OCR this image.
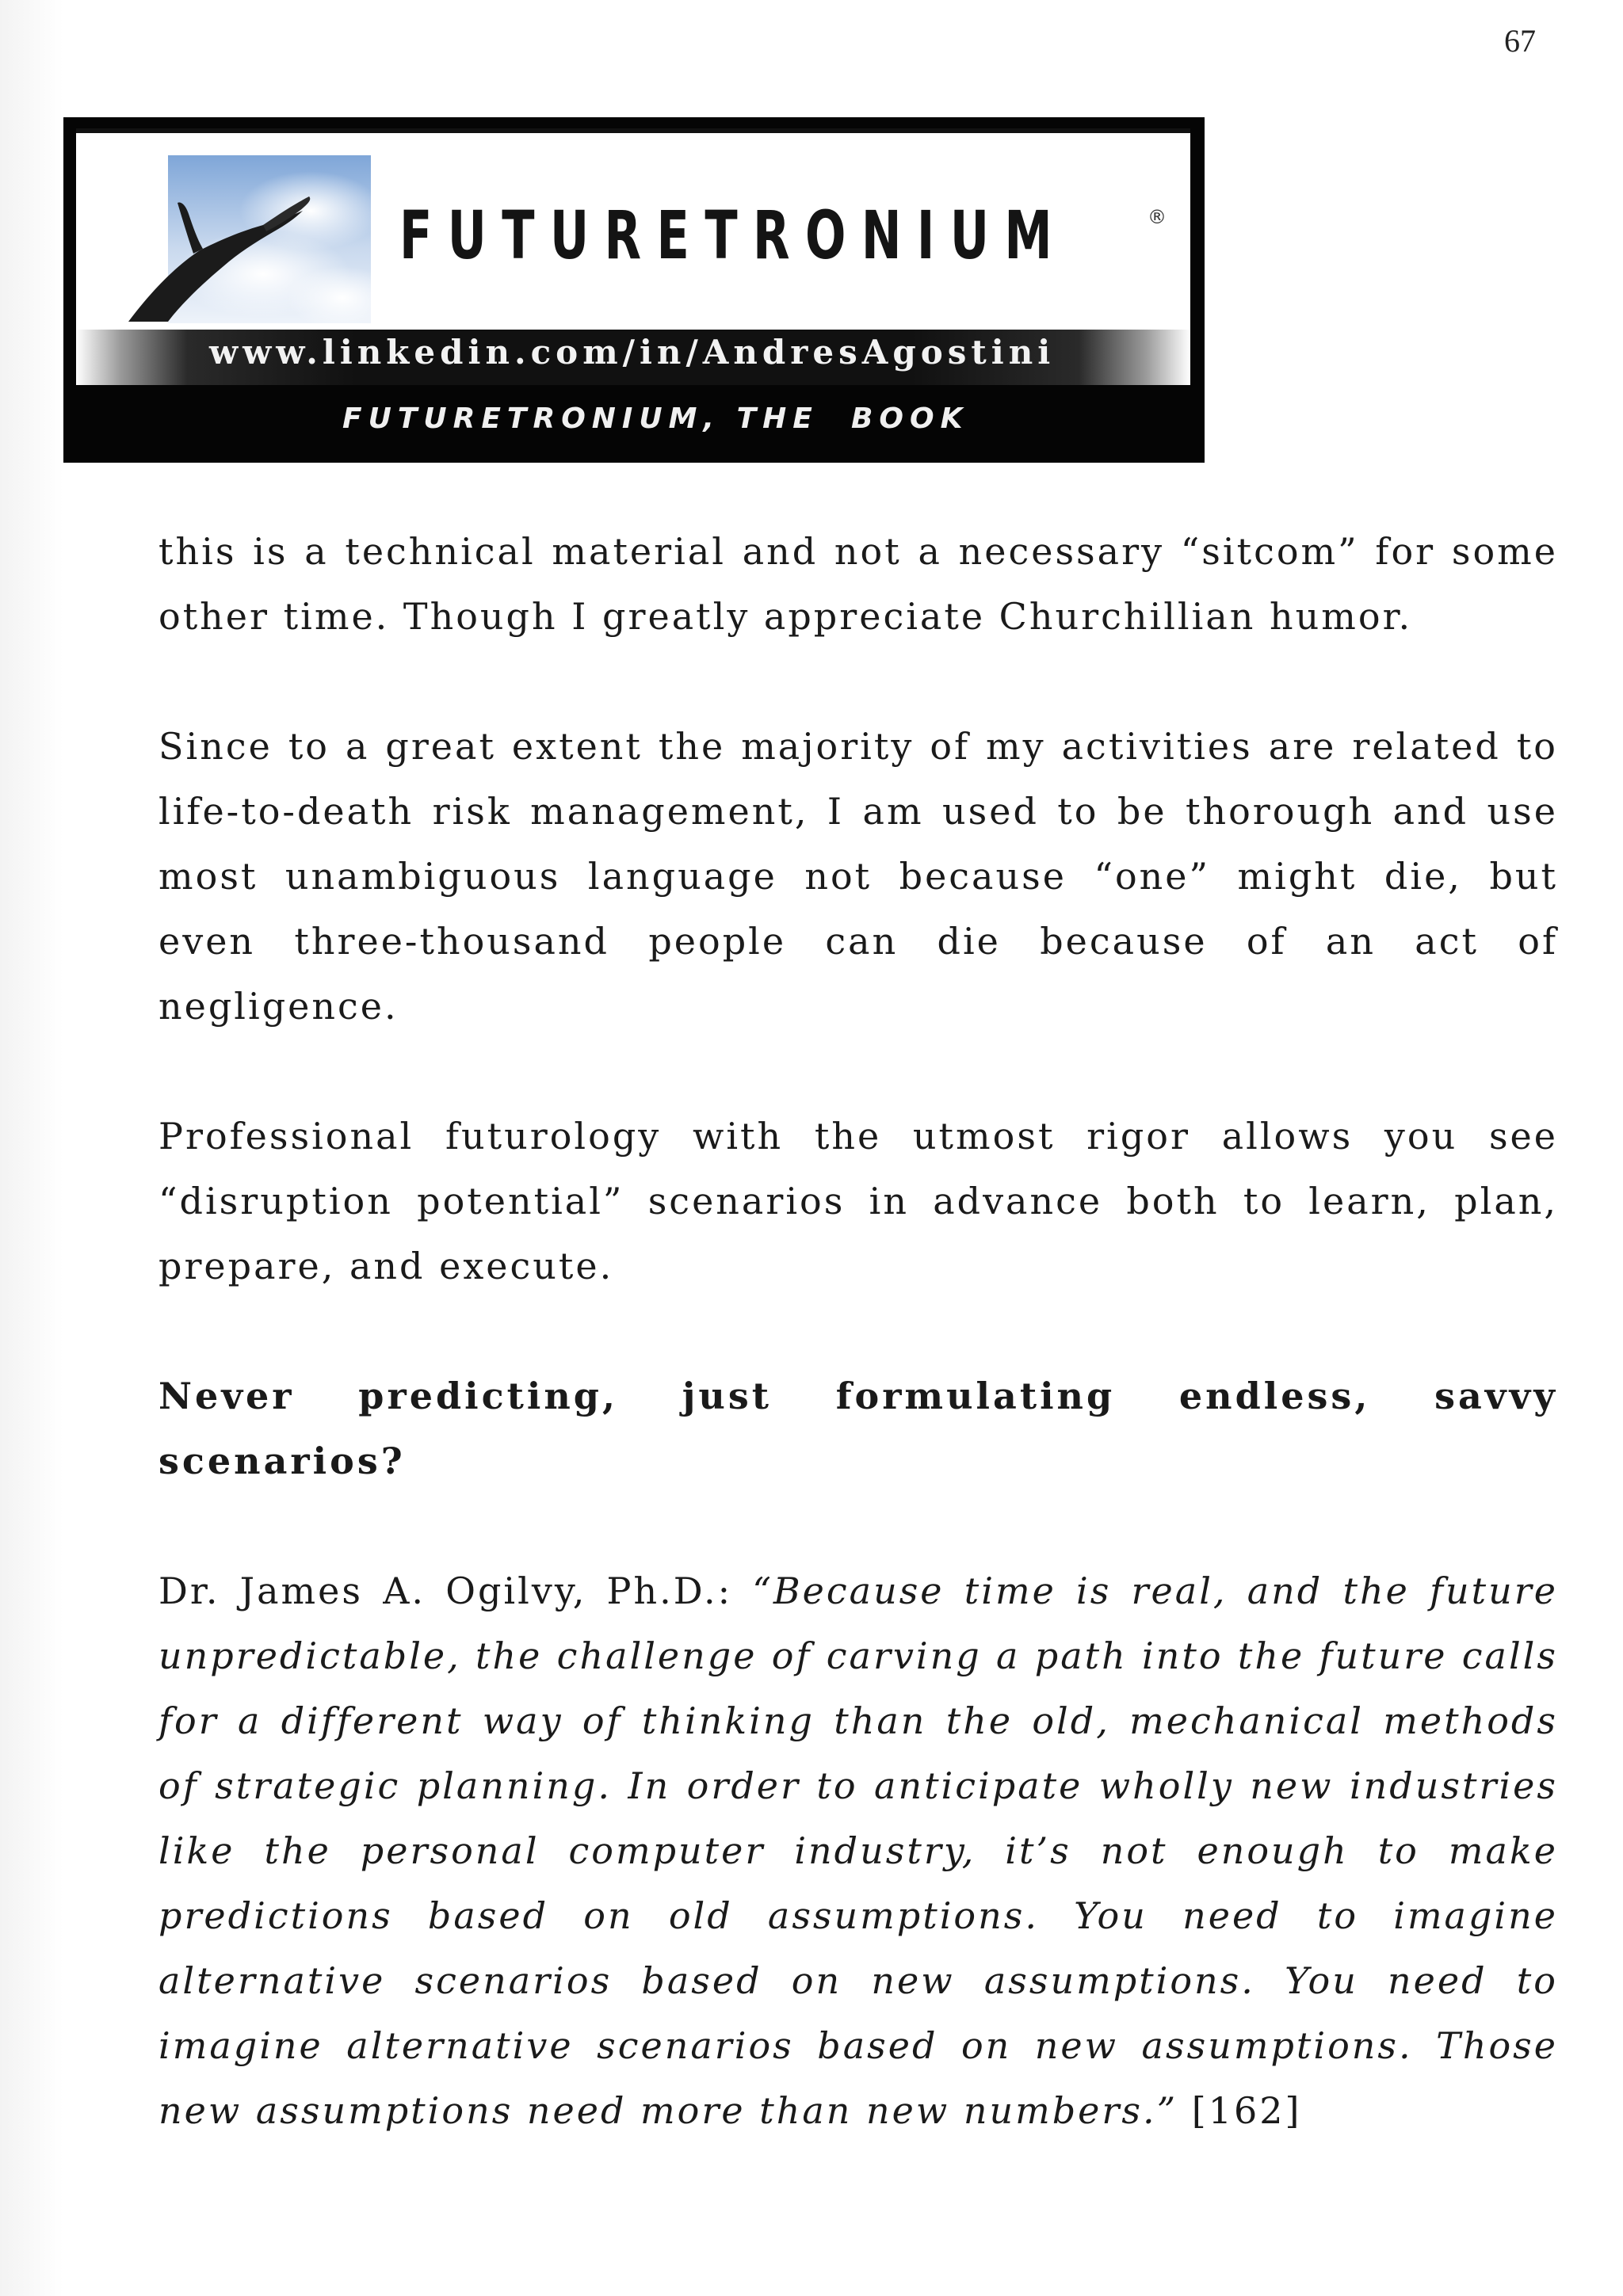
67
FUTURETRONIUM	®
www.linkedin.com/in/AndresAgostini
FUTURETRONIUM, THE  BOOK

this is a technical material and not a necessary “sitcom” for some other time. Though I greatly appreciate Churchillian humor.

Since to a great extent the majority of my activities are related to life-to-death risk management, I am used to be thorough and use most unambiguous language not because “one” might die, but even three-thousand people can die because of an act of negligence.

Professional futurology with the utmost rigor allows you see “disruption potential” scenarios in advance both to learn, plan, prepare, and execute.

Never predicting, just formulating endless, savvy scenarios?

Dr. James A. Ogilvy, Ph.D.: “Because time is real, and the future unpredictable, the challenge of carving a path into the future calls for a different way of thinking than the old, mechanical methods of strategic planning. In order to anticipate wholly new industries like the personal computer industry, it’s not enough to make predictions based on old assumptions. You need to imagine alternative scenarios based on new assumptions. You need to imagine alternative scenarios based on new assumptions. Those new assumptions need more than new numbers.” [162]
